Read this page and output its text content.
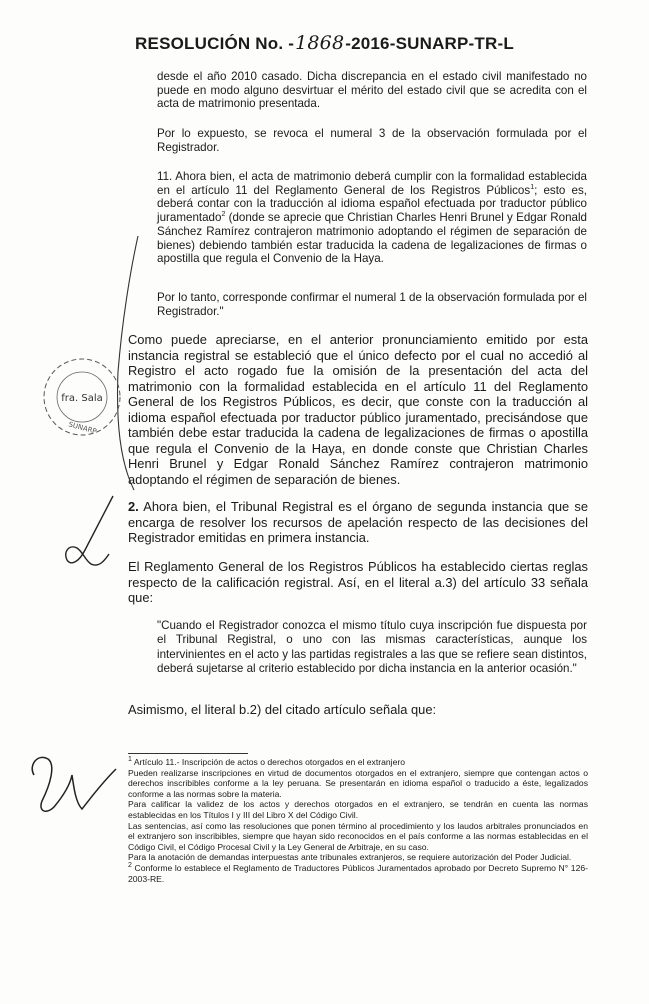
RESOLUCIÓN No. -1868-2016-SUNARP-TR-L

desde el año 2010 casado. Dicha discrepancia en el estado civil manifestado no puede en modo alguno desvirtuar el mérito del estado civil que se acredita con el acta de matrimonio presentada.

Por lo expuesto, se revoca el numeral 3 de la observación formulada por el Registrador.

11. Ahora bien, el acta de matrimonio deberá cumplir con la formalidad establecida en el artículo 11 del Reglamento General de los Registros Públicos$^1$; esto es, deberá contar con la traducción al idioma español efectuada por traductor público juramentado$^2$ (donde se aprecie que Christian Charles Henri Brunel y Edgar Ronald Sánchez Ramírez contrajeron matrimonio adoptando el régimen de separación de bienes) debiendo también estar traducida la cadena de legalizaciones de firmas o apostilla que regula el Convenio de la Haya.

Por lo tanto, corresponde confirmar el numeral 1 de la observación formulada por el Registrador."

Como puede apreciarse, en el anterior pronunciamiento emitido por esta instancia registral se estableció que el único defecto por el cual no accedió al Registro el acto rogado fue la omisión de la presentación del acta del matrimonio con la formalidad establecida en el artículo 11 del Reglamento General de los Registros Públicos, es decir, que conste con la traducción al idioma español efectuada por traductor público juramentado, precisándose que también debe estar traducida la cadena de legalizaciones de firmas o apostilla que regula el Convenio de la Haya, en donde conste que Christian Charles Henri Brunel y Edgar Ronald Sánchez Ramírez contrajeron matrimonio adoptando el régimen de separación de bienes.

2. Ahora bien, el Tribunal Registral es el órgano de segunda instancia que se encarga de resolver los recursos de apelación respecto de las decisiones del Registrador emitidas en primera instancia.

El Reglamento General de los Registros Públicos ha establecido ciertas reglas respecto de la calificación registral. Así, en el literal a.3) del artículo 33 señala que:

"Cuando el Registrador conozca el mismo título cuya inscripción fue dispuesta por el Tribunal Registral, o uno con las mismas características, aunque los intervinientes en el acto y las partidas registrales a las que se refiere sean distintos, deberá sujetarse al criterio establecido por dicha instancia en la anterior ocasión."

Asimismo, el literal b.2) del citado artículo señala que:

$^1$ Artículo 11.- Inscripción de actos o derechos otorgados en el extranjero

Pueden realizarse inscripciones en virtud de documentos otorgados en el extranjero, siempre que contengan actos o derechos inscribibles conforme a la ley peruana. Se presentarán en idioma español o traducido a éste, legalizados conforme a las normas sobre la materia.

Para calificar la validez de los actos y derechos otorgados en el extranjero, se tendrán en cuenta las normas establecidas en los Títulos I y III del Libro X del Código Civil.

Las sentencias, así como las resoluciones que ponen término al procedimiento y los laudos arbitrales pronunciados en el extranjero son inscribibles, siempre que hayan sido reconocidos en el país conforme a las normas establecidas en el Código Civil, el Código Procesal Civil y la Ley General de Arbitraje, en su caso.

Para la anotación de demandas interpuestas ante tribunales extranjeros, se requiere autorización del Poder Judicial.

$^2$ Conforme lo establece el Reglamento de Traductores Públicos Juramentados aprobado por Decreto Supremo N° 126-2003-RE.

fra. Sala
SUNARP
